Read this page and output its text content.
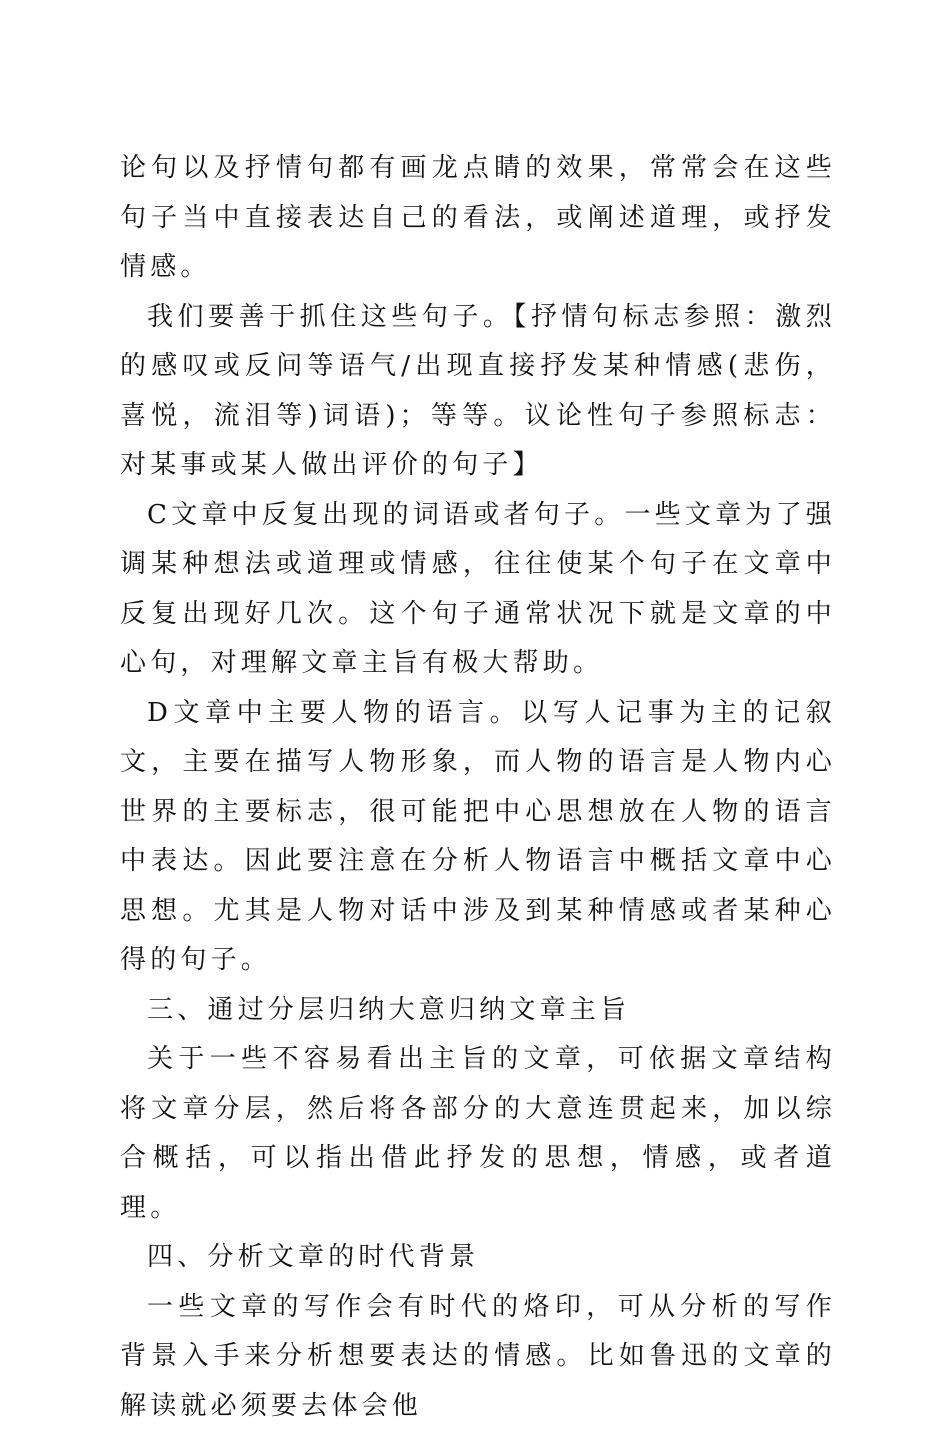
论句以及抒情句都有画龙点睛的效果，常常会在这些句子当中直接表达自己的看法，或阐述道理，或抒发情感。

我们要善于抓住这些句子。【抒情句标志参照：激烈的感叹或反问等语气/出现直接抒发某种情感(悲伤，喜悦，流泪等)词语)；等等。议论性句子参照标志：对某事或某人做出评价的句子】

C文章中反复出现的词语或者句子。一些文章为了强调某种想法或道理或情感，往往使某个句子在文章中反复出现好几次。这个句子通常状况下就是文章的中心句，对理解文章主旨有极大帮助。

D文章中主要人物的语言。以写人记事为主的记叙文，主要在描写人物形象，而人物的语言是人物内心世界的主要标志，很可能把中心思想放在人物的语言中表达。因此要注意在分析人物语言中概括文章中心思想。尤其是人物对话中涉及到某种情感或者某种心得的句子。

三、通过分层归纳大意归纳文章主旨

关于一些不容易看出主旨的文章，可依据文章结构将文章分层，然后将各部分的大意连贯起来，加以综合概括，可以指出借此抒发的思想，情感，或者道理。

四、分析文章的时代背景

一些文章的写作会有时代的烙印，可从分析的写作背景入手来分析想要表达的情感。比如鲁迅的文章的解读就必须要去体会他
